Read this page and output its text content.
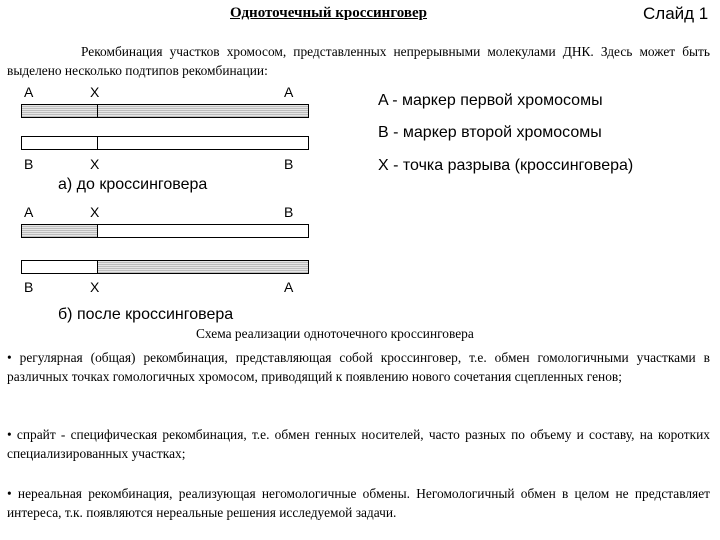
Одноточечный кроссинговер	Слайд 1
Рекомбинация участков хромосом, представленных непрерывными молекулами ДНК. Здесь может быть выделено несколько подтипов рекомбинации:
A	X	A
B	X	B
а) до кроссинговера
A	X	B
B	X	A
б) после кроссинговера
A - маркер первой хромосомы
B - маркер второй хромосомы
X - точка разрыва (кроссинговера)
Схема реализации одноточечного кроссинговера
• регулярная (общая) рекомбинация, представляющая собой кроссинговер, т.е. обмен гомологичными участками в различных точках гомологичных хромосом, приводящий к появлению нового сочетания сцепленных генов;
• спрайт - специфическая рекомбинация, т.е. обмен генных носителей, часто разных по объему и составу, на коротких специализированных участках;
• нереальная рекомбинация, реализующая негомологичные обмены. Негомологичный обмен в целом не представляет интереса, т.к. появляются нереальные решения исследуемой задачи.
